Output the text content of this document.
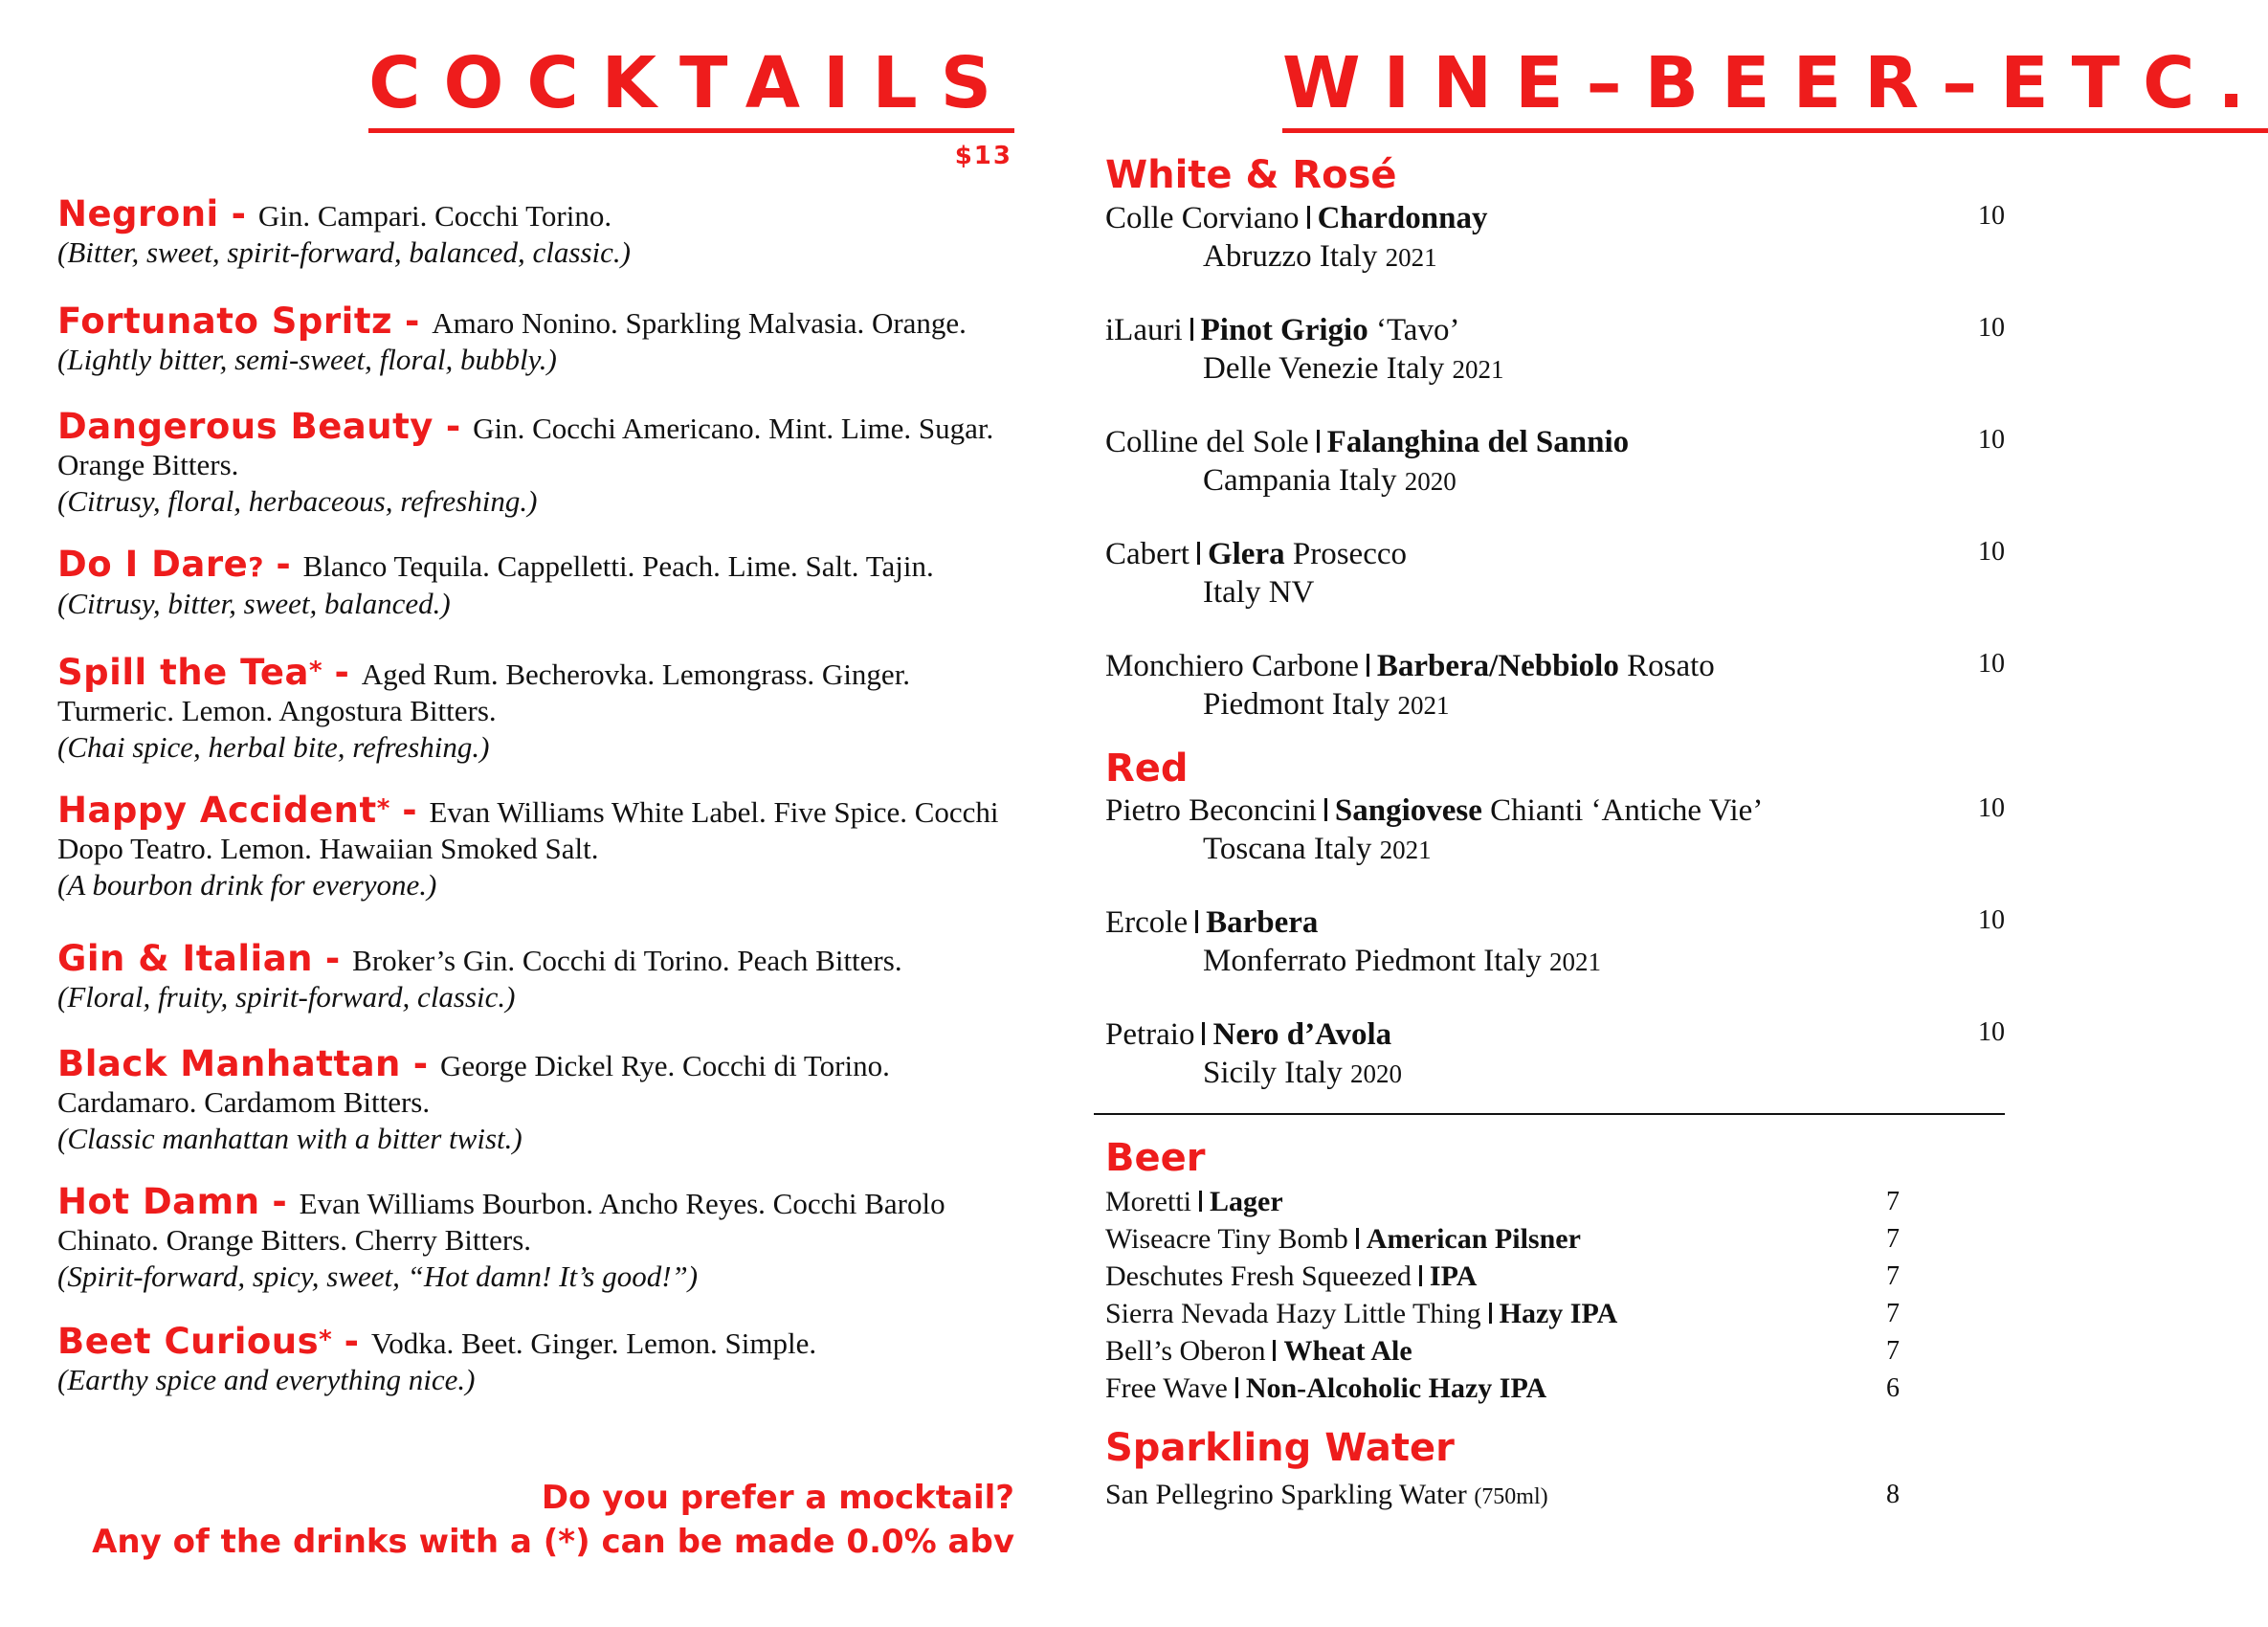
COCKTAILS
$13
Negroni - Gin. Campari. Cocchi Torino.
(Bitter, sweet, spirit-forward, balanced, classic.)
Fortunato Spritz - Amaro Nonino. Sparkling Malvasia. Orange.
(Lightly bitter, semi-sweet, floral, bubbly.)
Dangerous Beauty - Gin. Cocchi Americano. Mint. Lime. Sugar. Orange Bitters.
(Citrusy, floral, herbaceous, refreshing.)
Do I Dare? - Blanco Tequila. Cappelletti. Peach. Lime. Salt. Tajin.
(Citrusy, bitter, sweet, balanced.)
Spill the Tea* - Aged Rum. Becherovka. Lemongrass. Ginger. Turmeric. Lemon. Angostura Bitters.
(Chai spice, herbal bite, refreshing.)
Happy Accident* - Evan Williams White Label. Five Spice. Cocchi Dopo Teatro. Lemon. Hawaiian Smoked Salt.
(A bourbon drink for everyone.)
Gin & Italian - Broker’s Gin. Cocchi di Torino. Peach Bitters.
(Floral, fruity, spirit-forward, classic.)
Black Manhattan - George Dickel Rye. Cocchi di Torino. Cardamaro. Cardamom Bitters.
(Classic manhattan with a bitter twist.)
Hot Damn - Evan Williams Bourbon. Ancho Reyes. Cocchi Barolo Chinato. Orange Bitters. Cherry Bitters.
(Spirit-forward, spicy, sweet, “Hot damn! It’s good!”)
Beet Curious* - Vodka. Beet. Ginger. Lemon. Simple.
(Earthy spice and everything nice.)
Do you prefer a mocktail?
Any of the drinks with a (*) can be made 0.0% abv
WINE–BEER–ETC.
White & Rosé
Colle Corviano Chardonnay
Abruzzo Italy 2021
10
iLauri Pinot Grigio ‘Tavo’
Delle Venezie Italy 2021
10
Colline del Sole Falanghina del Sannio
Campania Italy 2020
10
Cabert Glera Prosecco
Italy NV
10
Monchiero Carbone Barbera/Nebbiolo Rosato
Piedmont Italy 2021
10
Red
Pietro Beconcini Sangiovese Chianti ‘Antiche Vie’
Toscana Italy 2021
10
Ercole Barbera
Monferrato Piedmont Italy 2021
10
Petraio Nero d’Avola
Sicily Italy 2020
10
Beer
Moretti Lager	7
Wiseacre Tiny Bomb American Pilsner	7
Deschutes Fresh Squeezed IPA	7
Sierra Nevada Hazy Little Thing Hazy IPA	7
Bell’s Oberon Wheat Ale	7
Free Wave Non-Alcoholic Hazy IPA	6
Sparkling Water
San Pellegrino Sparkling Water (750ml)	8
